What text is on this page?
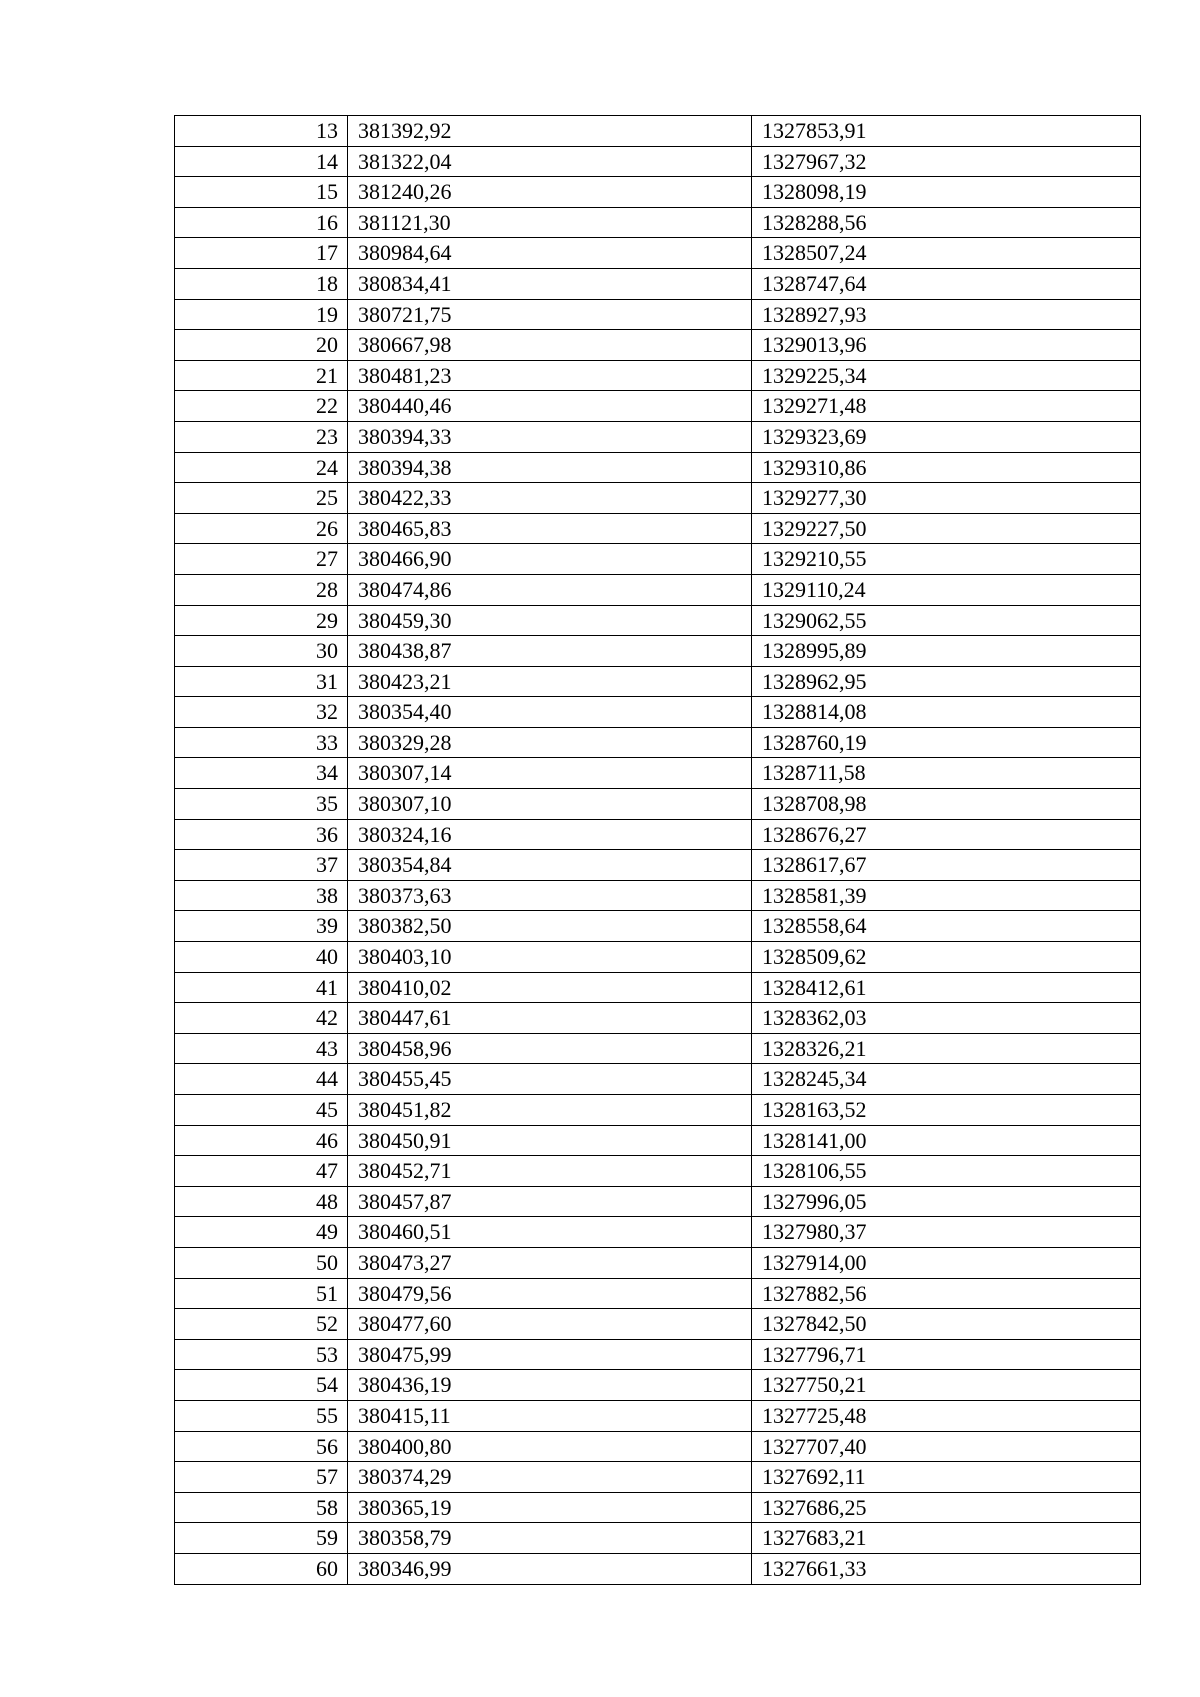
13	381392,92	1327853,91
14	381322,04	1327967,32
15	381240,26	1328098,19
16	381121,30	1328288,56
17	380984,64	1328507,24
18	380834,41	1328747,64
19	380721,75	1328927,93
20	380667,98	1329013,96
21	380481,23	1329225,34
22	380440,46	1329271,48
23	380394,33	1329323,69
24	380394,38	1329310,86
25	380422,33	1329277,30
26	380465,83	1329227,50
27	380466,90	1329210,55
28	380474,86	1329110,24
29	380459,30	1329062,55
30	380438,87	1328995,89
31	380423,21	1328962,95
32	380354,40	1328814,08
33	380329,28	1328760,19
34	380307,14	1328711,58
35	380307,10	1328708,98
36	380324,16	1328676,27
37	380354,84	1328617,67
38	380373,63	1328581,39
39	380382,50	1328558,64
40	380403,10	1328509,62
41	380410,02	1328412,61
42	380447,61	1328362,03
43	380458,96	1328326,21
44	380455,45	1328245,34
45	380451,82	1328163,52
46	380450,91	1328141,00
47	380452,71	1328106,55
48	380457,87	1327996,05
49	380460,51	1327980,37
50	380473,27	1327914,00
51	380479,56	1327882,56
52	380477,60	1327842,50
53	380475,99	1327796,71
54	380436,19	1327750,21
55	380415,11	1327725,48
56	380400,80	1327707,40
57	380374,29	1327692,11
58	380365,19	1327686,25
59	380358,79	1327683,21
60	380346,99	1327661,33
